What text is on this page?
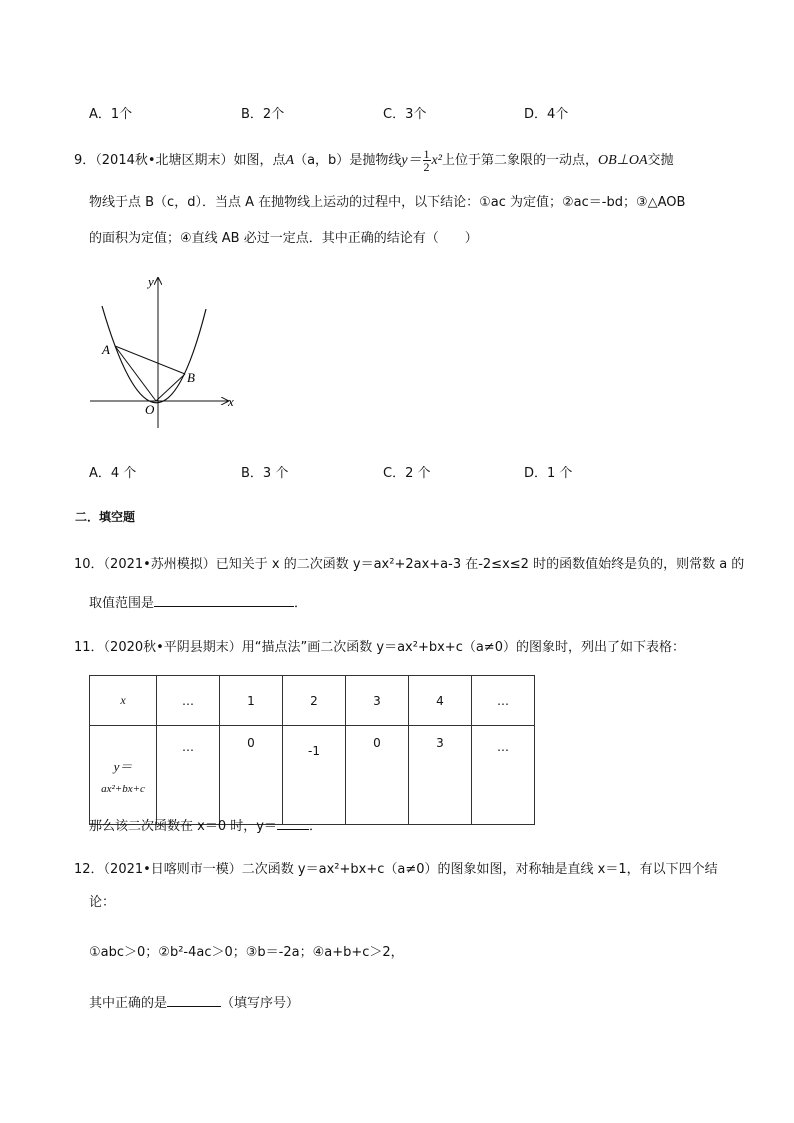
A．1个	B．2个	C．3个	D．4个
9．（2014秋•北塘区期末）如图，点A（a，b）是抛物线$y= \frac{1}{2} x^2$上位于第二象限的一动点，OB⊥OA交抛
物线于点 B（c，d）．当点 A 在抛物线上运动的过程中，以下结论：①ac 为定值；②ac＝-bd；③△AOB
的面积为定值；④直线 AB 必过一定点．其中正确的结论有（　　）
y
x
A
B
O
A．4 个	B．3 个	C．2 个	D．1 个
二．填空题
10．（2021•苏州模拟）已知关于 x 的二次函数 y＝ax²+2ax+a-3 在-2≤x≤2 时的函数值始终是负的，则常数 a 的
取值范围是	．
11．（2020秋•平阴县期末）用“描点法”画二次函数 y＝ax²+bx+c（a≠0）的图象时，列出了如下表格：
x	…	1	2	3	4	…

y＝
ax²+bx+c	…	0	-1	0	3	…
那么该二次函数在 x＝0 时，y＝ ．
12．（2021•日喀则市一模）二次函数 y＝ax²+bx+c（a≠0）的图象如图，对称轴是直线 x＝1，有以下四个结
论：
①abc＞0；②b²-4ac＞0；③b＝-2a；④a+b+c＞2，
其中正确的是	（填写序号）
